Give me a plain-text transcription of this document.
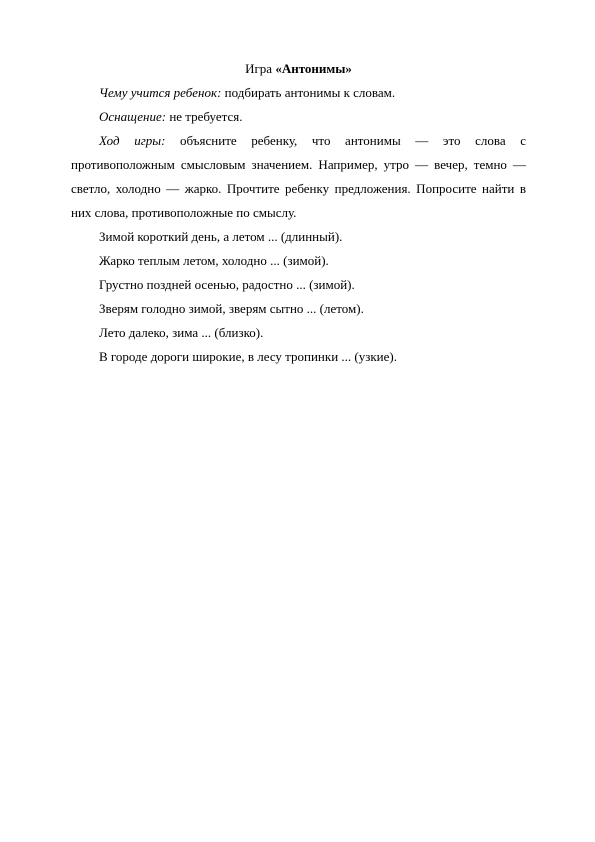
Игра «Антонимы»

Чему учится ребенок: подбирать антонимы к словам.

Оснащение: не требуется.

Ход игры: объясните ребенку, что антонимы — это слова с противоположным смысловым значением. Например, утро — вечер, темно — светло, холодно — жарко. Прочтите ребенку предложения. Попросите найти в них слова, противоположные по смыслу.

Зимой короткий день, а летом ... (длинный).

Жарко теплым летом, холодно ... (зимой).

Грустно поздней осенью, радостно ... (зимой).

Зверям голодно зимой, зверям сытно ... (летом).

Лето далеко, зима ... (близко).

В городе дороги широкие, в лесу тропинки ... (узкие).
